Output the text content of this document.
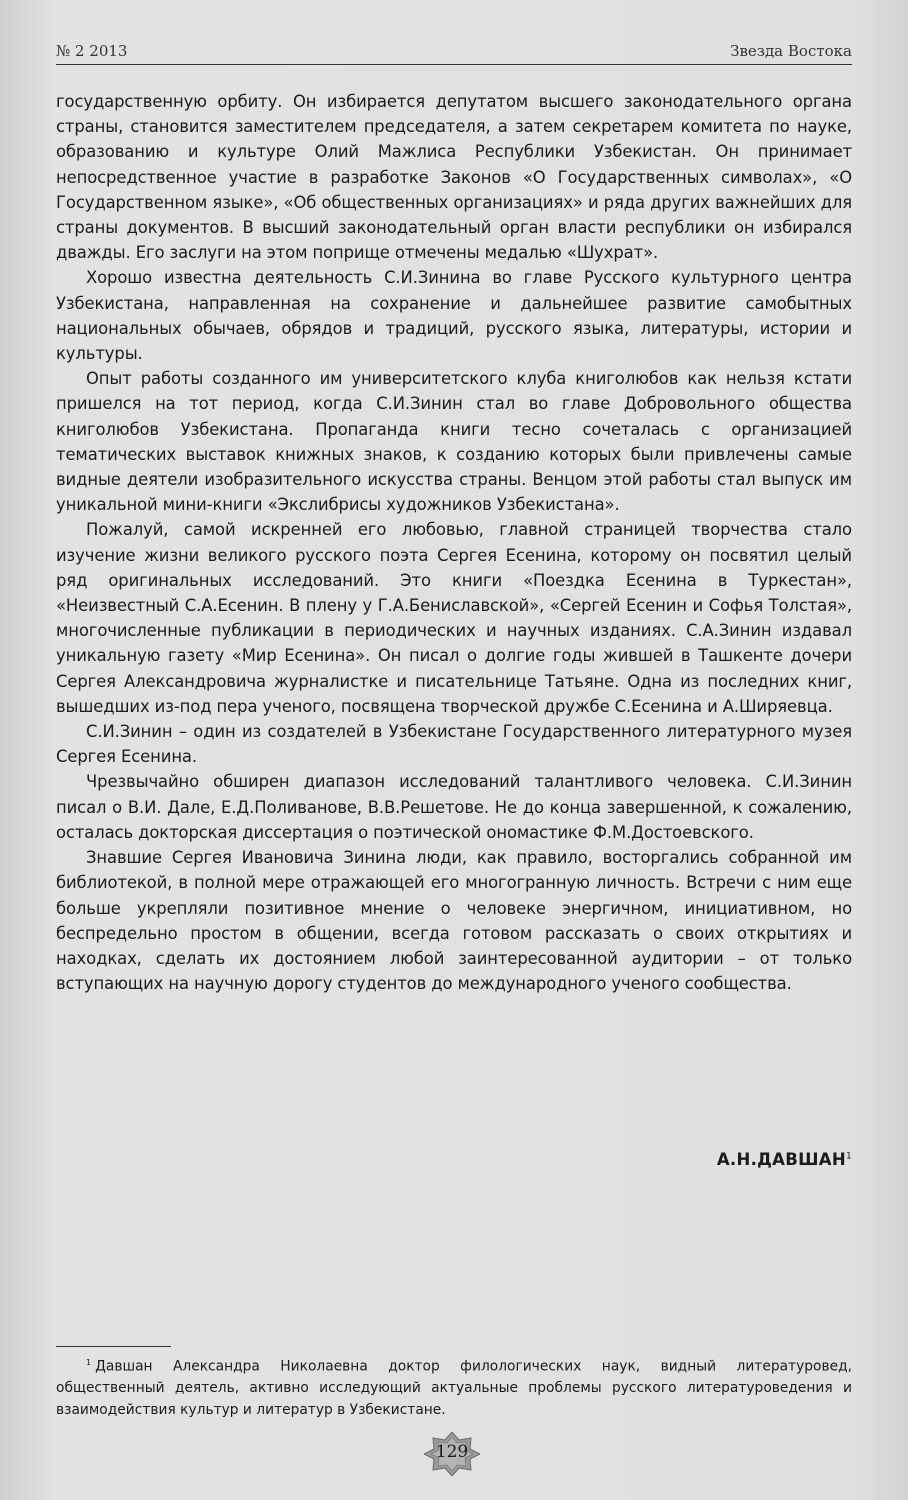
№ 2 2013	Звезда Востока

государственную орбиту. Он избирается депутатом высшего законодательного органа страны, становится заместителем председателя, а затем секретарем комитета по науке, образованию и культуре Олий Мажлиса Республики Узбекистан. Он принимает непосредственное участие в разработке Законов «О Государственных символах», «О Государственном языке», «Об общественных организациях» и ряда других важнейших для страны документов. В высший законодательный орган власти республики он избирался дважды. Его заслуги на этом поприще отмечены медалью «Шухрат».

Хорошо известна деятельность С.И.Зинина во главе Русского культурного центра Узбекистана, направленная на сохранение и дальнейшее развитие самобытных национальных обычаев, обрядов и традиций, русского языка, литературы, истории и культуры.

Опыт работы созданного им университетского клуба книголюбов как нельзя кстати пришелся на тот период, когда С.И.Зинин стал во главе Добровольного общества книголюбов Узбекистана. Пропаганда книги тесно сочеталась с организацией тематических выставок книжных знаков, к созданию которых были привлечены самые видные деятели изобразительного искусства страны. Венцом этой работы стал выпуск им уникальной мини-книги «Экслибрисы художников Узбекистана».

Пожалуй, самой искренней его любовью, главной страницей творчества стало изучение жизни великого русского поэта Сергея Есенина, которому он посвятил целый ряд оригинальных исследований. Это книги «Поездка Есенина в Туркестан», «Неизвестный С.А.Есенин. В плену у Г.А.Бениславской», «Сергей Есенин и Софья Толстая», многочисленные публикации в периодических и научных изданиях. С.А.Зинин издавал уникальную газету «Мир Есенина». Он писал о долгие годы жившей в Ташкенте дочери Сергея Александровича журналистке и писательнице Татьяне. Одна из последних книг, вышедших из-под пера ученого, посвящена творческой дружбе С.Есенина и А.Ширяевца.

С.И.Зинин – один из создателей в Узбекистане Государственного литературного музея Сергея Есенина.

Чрезвычайно обширен диапазон исследований талантливого человека. С.И.Зинин писал о В.И. Дале, Е.Д.Поливанове, В.В.Решетове. Не до конца завершенной, к сожалению, осталась докторская диссертация о поэтической ономастике Ф.М.Достоевского.

Знавшие Сергея Ивановича Зинина люди, как правило, восторгались собранной им библиотекой, в полной мере отражающей его многогранную личность. Встречи с ним еще больше укрепляли позитивное мнение о человеке энергичном, инициативном, но беспредельно простом в общении, всегда готовом рассказать о своих открытиях и находках, сделать их достоянием любой заинтересованной аудитории – от только вступающих на научную дорогу студентов до международного ученого сообщества.

А.Н.ДАВШАН$^1$
$^1$ Давшан Александра Николаевна доктор филологических наук, видный литературовед, общественный деятель, активно исследующий актуальные проблемы русского литературоведения и взаимодействия культур и литератур в Узбекистане.
129
